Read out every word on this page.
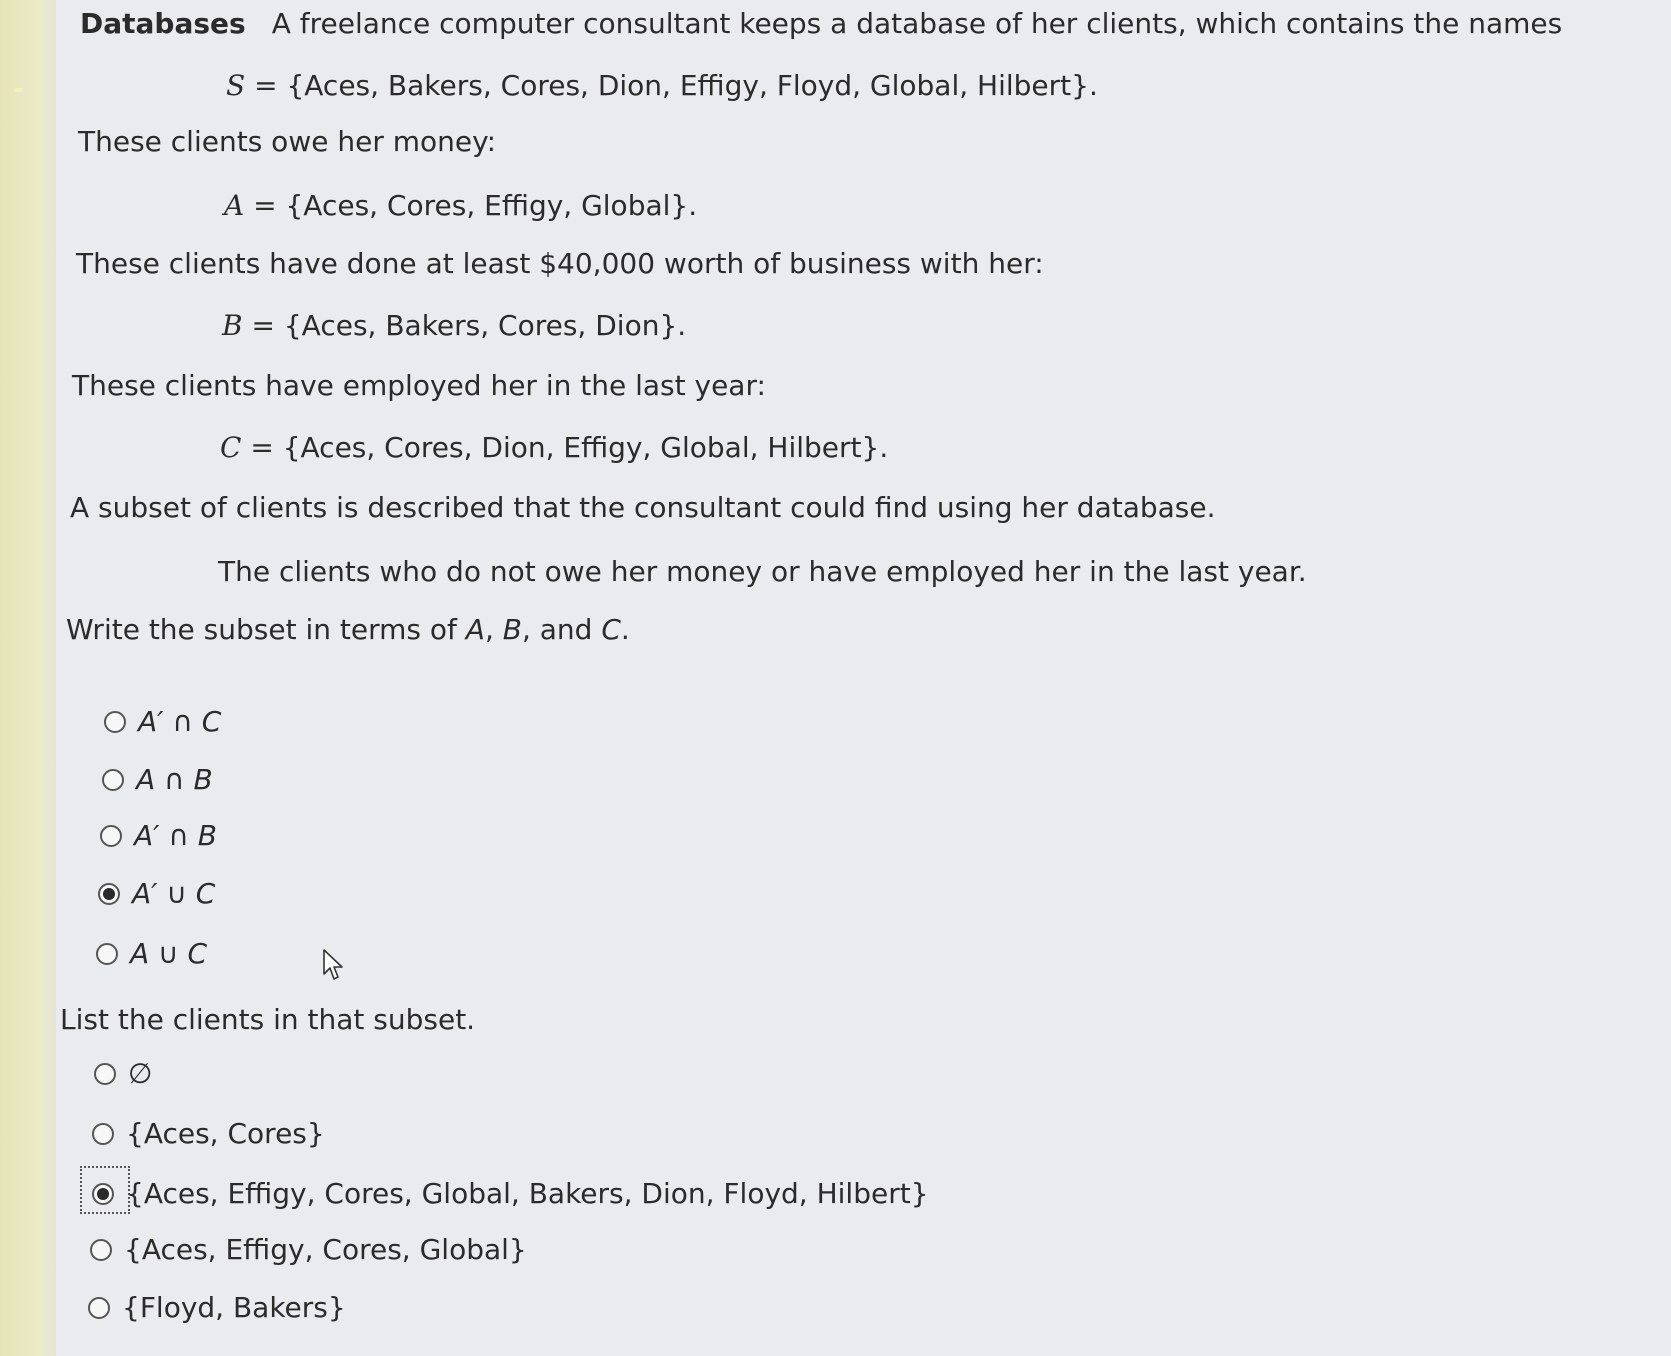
Databases A freelance computer consultant keeps a database of her clients, which contains the names
S = {Aces, Bakers, Cores, Dion, Effigy, Floyd, Global, Hilbert}.
These clients owe her money:
A = {Aces, Cores, Effigy, Global}.
These clients have done at least $40,000 worth of business with her:
B = {Aces, Bakers, Cores, Dion}.
These clients have employed her in the last year:
C = {Aces, Cores, Dion, Effigy, Global, Hilbert}.
A subset of clients is described that the consultant could find using her database.
The clients who do not owe her money or have employed her in the last year.
Write the subset in terms of A, B, and C.
A′ ∩ C
A ∩ B
A′ ∩ B
A′ ∪ C
A ∪ C
List the clients in that subset.
∅
{Aces, Cores}
{Aces, Effigy, Cores, Global, Bakers, Dion, Floyd, Hilbert}
{Aces, Effigy, Cores, Global}
{Floyd, Bakers}
